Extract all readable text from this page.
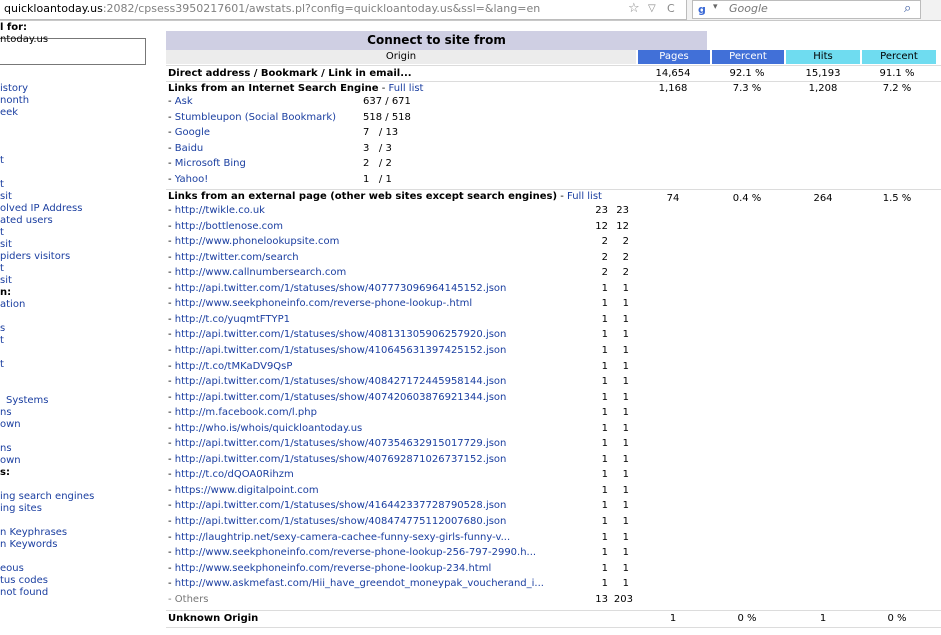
quickloantoday.us:2082/cpsess3950217601/awstats.pl?config=quickloantoday.us&ssl=&lang=en	☆ ▽ C g ▾ Google	⌕
l for:
ntoday.us
istory
nonth
eek
t
t
sit
olved IP Address
ated users
t
sit
piders visitors
t
sit
n:
ation
s
t
t
Systems
ns
own
ns
own
s:
ing search engines
ing sites
n Keyphrases
n Keywords
eous
tus codes
not found
Connect to site from
Origin	Pages	Percent	Hits	Percent
Direct address / Bookmark / Link in email...	14,654	92.1 %	15,193	91.1 %
Links from an Internet Search Engine - Full list	1,168	7.3 %	1,208	7.2 %
- Ask	637 / 671
- Stumbleupon (Social Bookmark)	518 / 518
- Google	7   / 13
- Baidu	3   / 3
- Microsoft Bing	2   / 2
- Yahoo!	1   / 1
Links from an external page (other web sites except search engines) - Full list	74	0.4 %	264	1.5 %
- http://twikle.co.uk	23 23
- http://bottlenose.com	12 12
- http://www.phonelookupsite.com	2	2
- http://twitter.com/search	2	2
- http://www.callnumbersearch.com	2	2
- http://api.twitter.com/1/statuses/show/407773096964145152.json	1	1
- http://www.seekphoneinfo.com/reverse-phone-lookup-.html	1	1
- http://t.co/yuqmtFTYP1	1	1
- http://api.twitter.com/1/statuses/show/408131305906257920.json	1	1
- http://api.twitter.com/1/statuses/show/410645631397425152.json	1	1
- http://t.co/tMKaDV9QsP	1	1
- http://api.twitter.com/1/statuses/show/408427172445958144.json	1	1
- http://api.twitter.com/1/statuses/show/407420603876921344.json	1	1
- http://m.facebook.com/l.php	1	1
- http://who.is/whois/quickloantoday.us	1	1
- http://api.twitter.com/1/statuses/show/407354632915017729.json	1	1
- http://api.twitter.com/1/statuses/show/407692871026737152.json	1	1
- http://t.co/dQOA0Rihzm	1	1
- https://www.digitalpoint.com	1	1
- http://api.twitter.com/1/statuses/show/416442337728790528.json	1	1
- http://api.twitter.com/1/statuses/show/408474775112007680.json	1	1
- http://laughtrip.net/sexy-camera-cachee-funny-sexy-girls-funny-v...	1	1
- http://www.seekphoneinfo.com/reverse-phone-lookup-256-797-2990.h...	1	1
- http://www.seekphoneinfo.com/reverse-phone-lookup-234.html	1	1
- http://www.askmefast.com/Hii_have_greendot_moneypak_voucherand_i...	1	1
- Others	13 203
Unknown Origin	1	0 %	1	0 %
